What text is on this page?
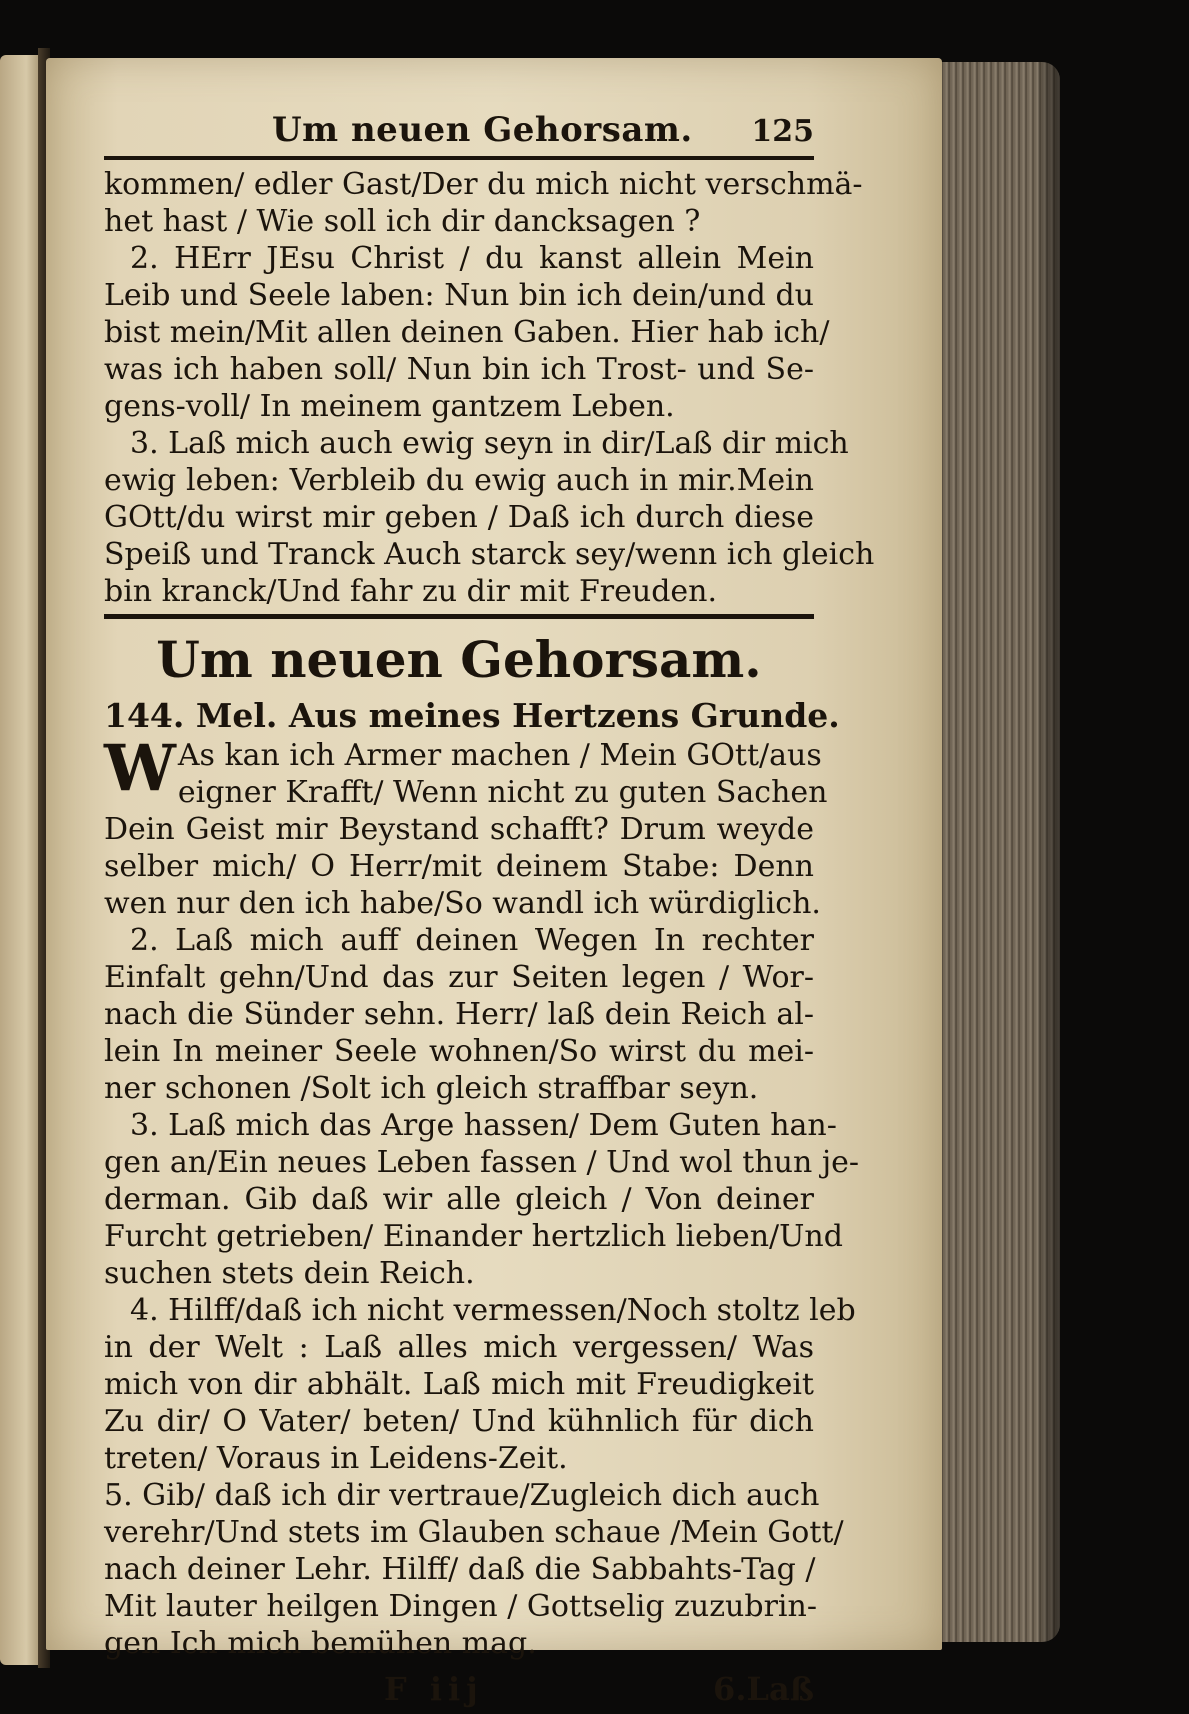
Um neuen Gehorsam. 125
kommen/ edler Gast/Der du mich nicht verschmä-
het hast / Wie soll ich dir dancksagen ?
2. HErr JEsu Christ / du kanst allein Mein
Leib und Seele laben: Nun bin ich dein/und du
bist mein/Mit allen deinen Gaben. Hier hab ich/
was ich haben soll/ Nun bin ich Trost- und Se-
gens-voll/ In meinem gantzem Leben.
3. Laß mich auch ewig seyn in dir/Laß dir mich
ewig leben: Verbleib du ewig auch in mir.Mein
GOtt/du wirst mir geben / Daß ich durch diese
Speiß und Tranck Auch starck sey/wenn ich gleich
bin kranck/Und fahr zu dir mit Freuden.
Um neuen Gehorsam.
144. Mel. Aus meines Hertzens Grunde.
W As kan ich Armer machen / Mein GOtt/aus
eigner Krafft/ Wenn nicht zu guten Sachen
Dein Geist mir Beystand schafft? Drum weyde
selber mich/ O Herr/mit deinem Stabe: Denn
wen nur den ich habe/So wandl ich würdiglich.
2. Laß mich auff deinen Wegen In rechter
Einfalt gehn/Und das zur Seiten legen / Wor-
nach die Sünder sehn. Herr/ laß dein Reich al-
lein In meiner Seele wohnen/So wirst du mei-
ner schonen /Solt ich gleich straffbar seyn.
3. Laß mich das Arge hassen/ Dem Guten han-
gen an/Ein neues Leben fassen / Und wol thun je-
derman. Gib daß wir alle gleich / Von deiner
Furcht getrieben/ Einander hertzlich lieben/Und
suchen stets dein Reich.
4. Hilff/daß ich nicht vermessen/Noch stoltz leb
in der Welt : Laß alles mich vergessen/ Was
mich von dir abhält. Laß mich mit Freudigkeit
Zu dir/ O Vater/ beten/ Und kühnlich für dich
treten/ Voraus in Leidens-Zeit.
5. Gib/ daß ich dir vertraue/Zugleich dich auch
verehr/Und stets im Glauben schaue /Mein Gott/
nach deiner Lehr. Hilff/ daß die Sabbahts-Tag /
Mit lauter heilgen Dingen / Gottselig zuzubrin-
gen Ich mich bemühen mag.
F iij	6.Laß
